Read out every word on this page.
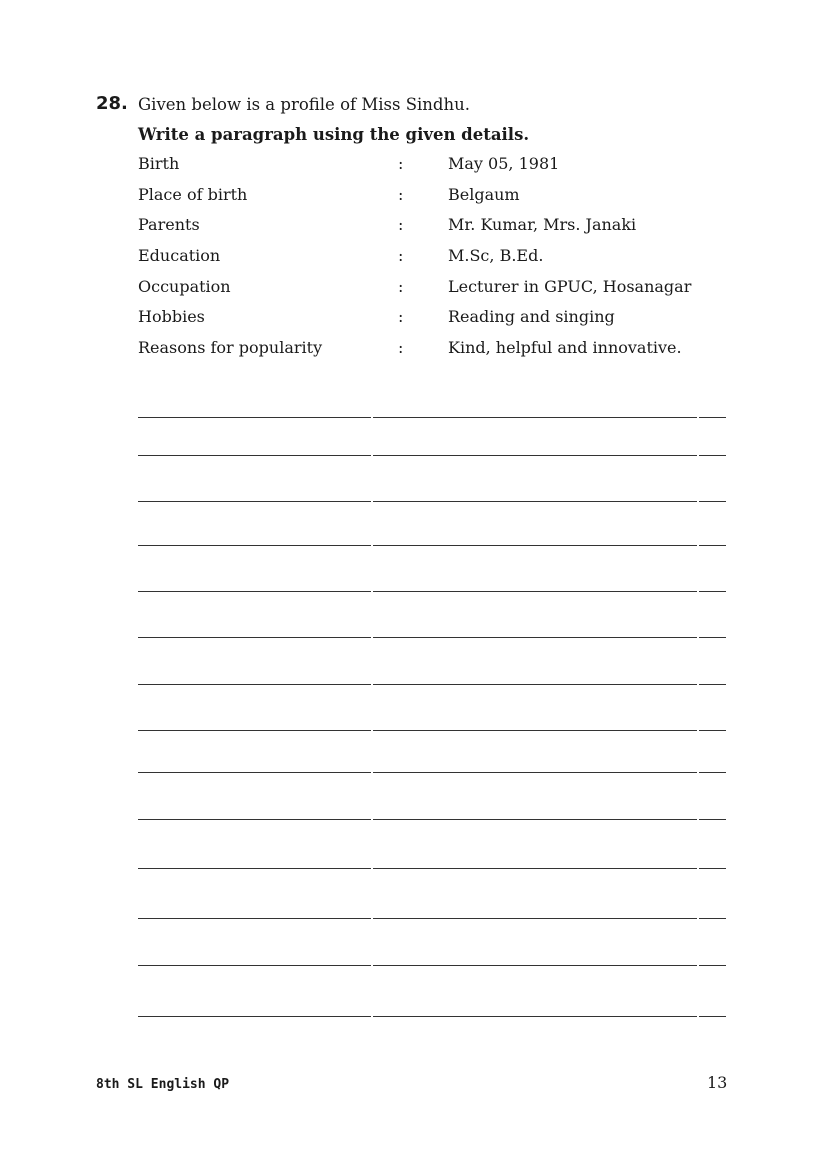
28. Given below is a profile of Miss Sindhu.
Write a paragraph using the given details.
Birth	:	May 05, 1981
Place of birth	:	Belgaum
Parents	:	Mr. Kumar, Mrs. Janaki
Education	:	M.Sc, B.Ed.
Occupation	:	Lecturer in GPUC, Hosanagar
Hobbies	:	Reading and singing
Reasons for popularity	:	Kind, helpful and innovative.
8th SL English QP	13
